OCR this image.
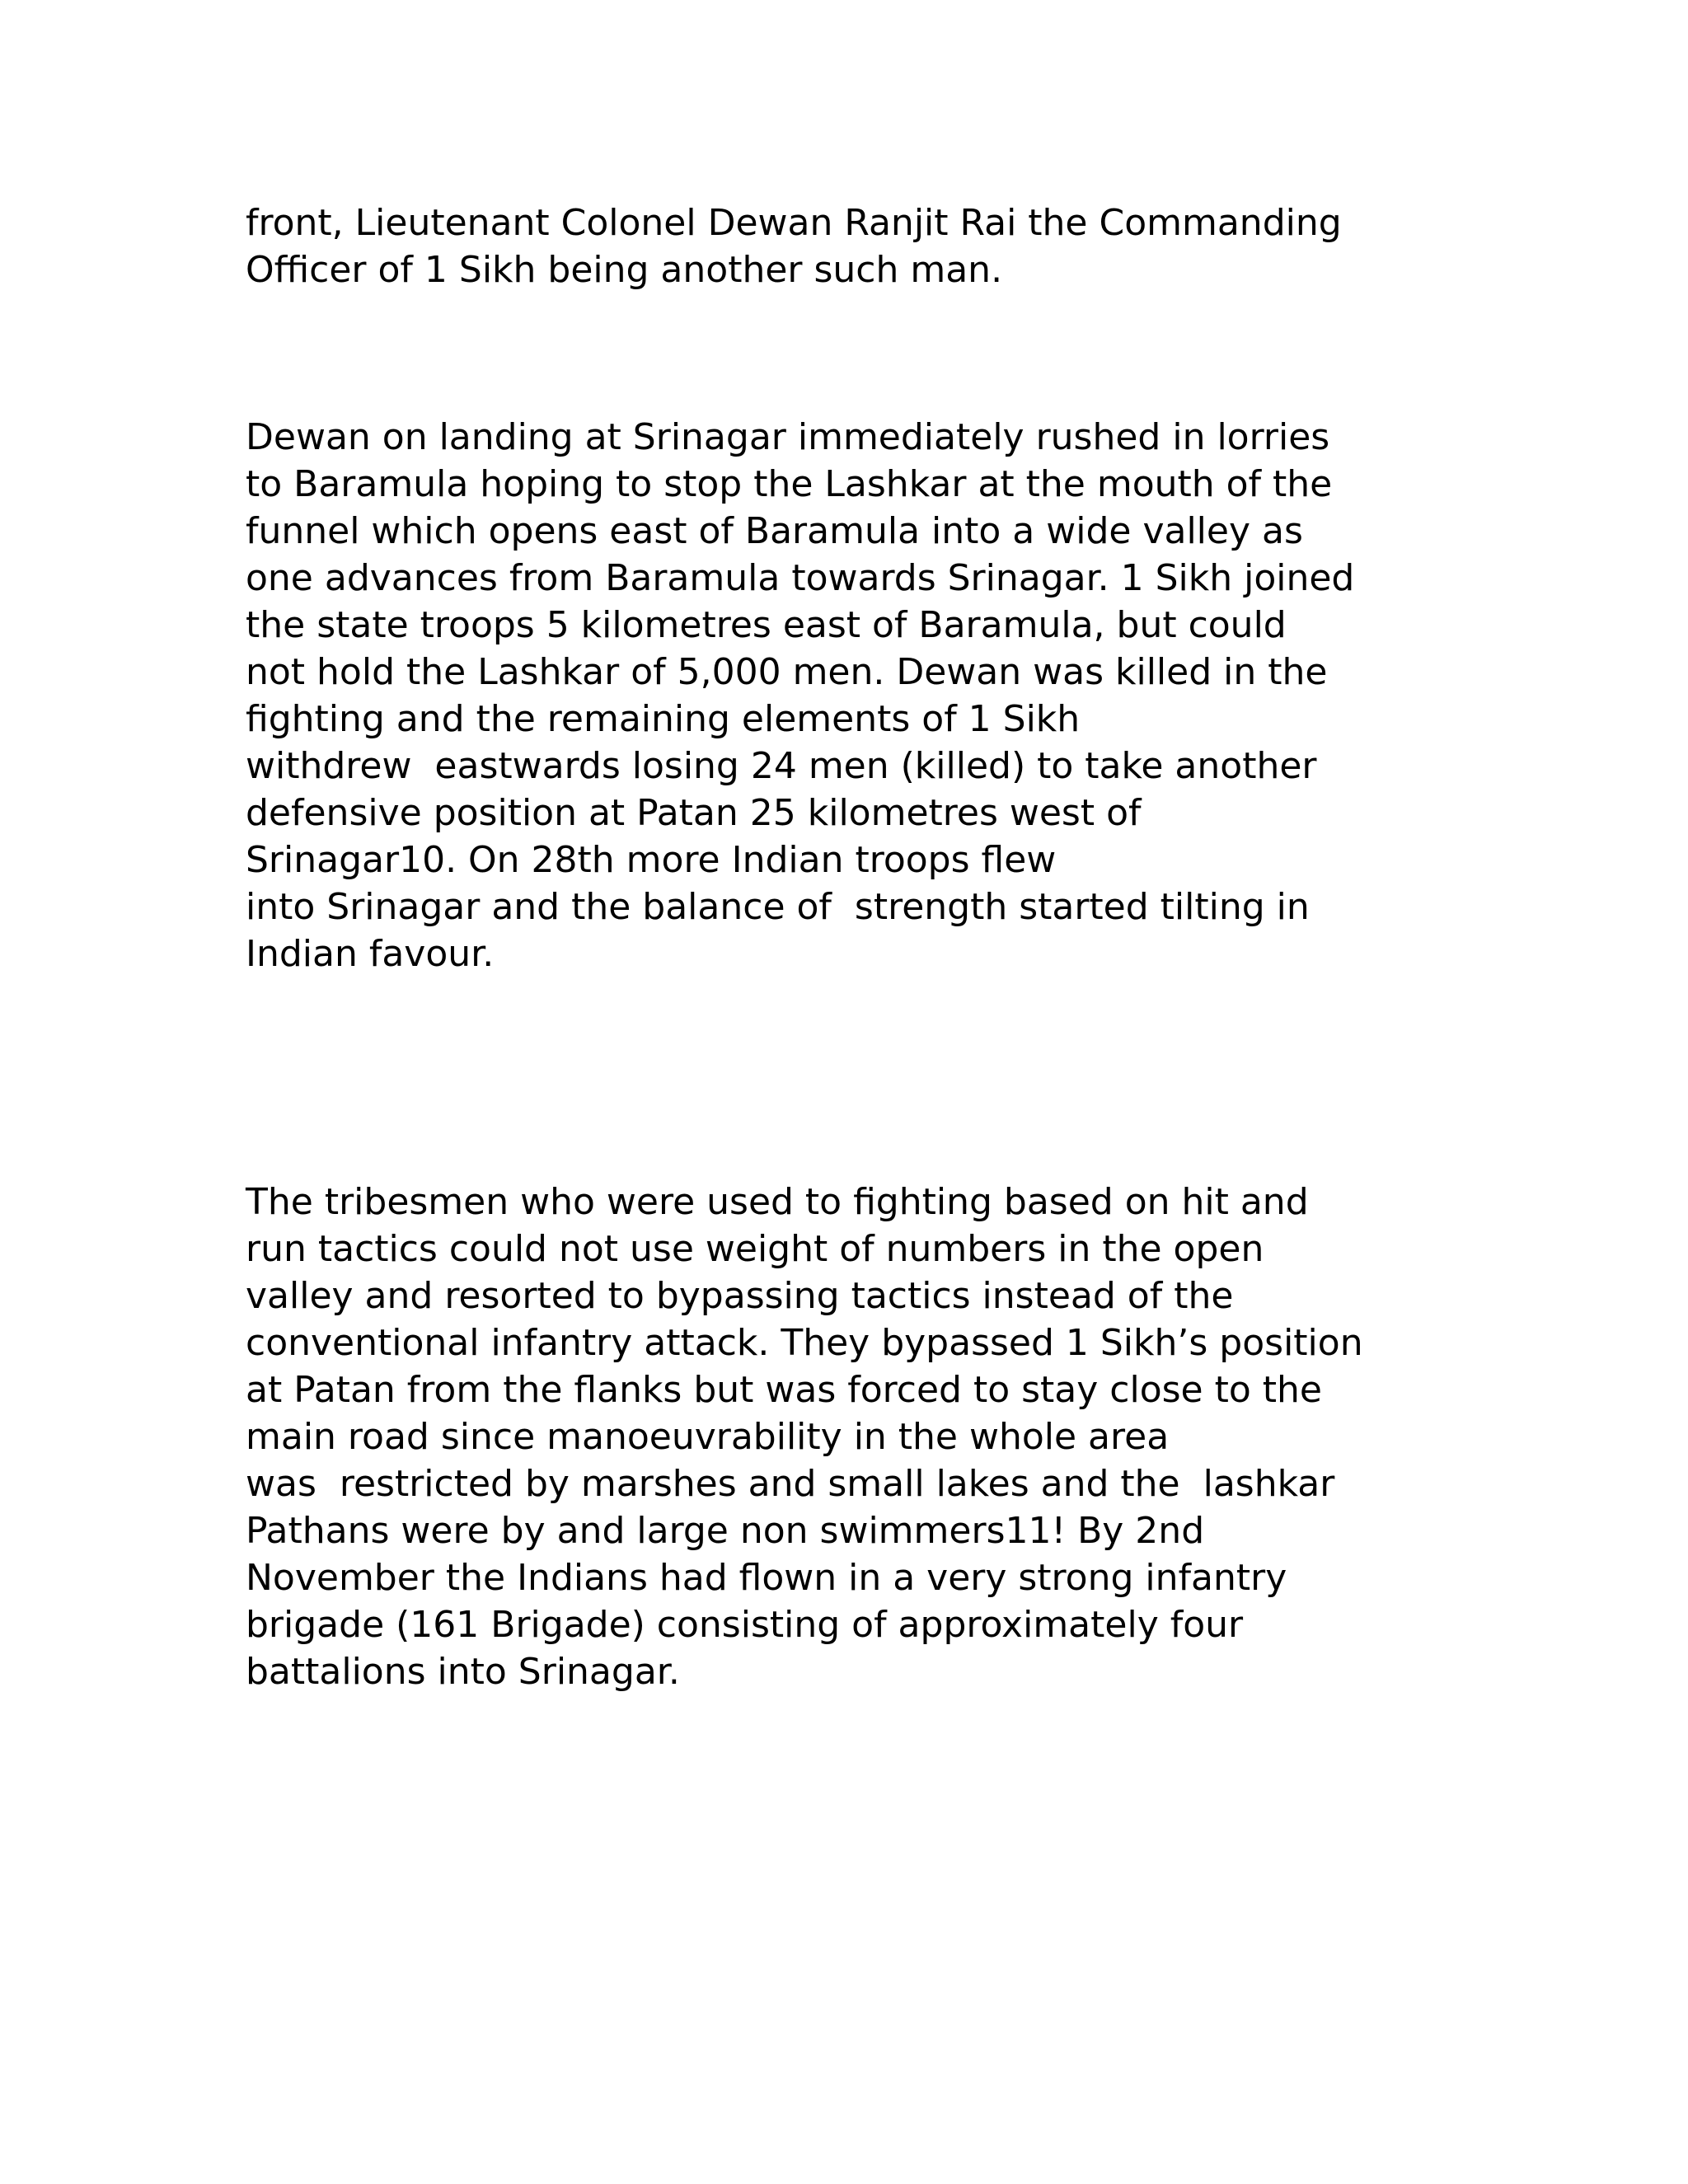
front, Lieutenant Colonel Dewan Ranjit Rai the Commanding
Officer of 1 Sikh being another such man.

Dewan on landing at Srinagar immediately rushed in lorries
to Baramula hoping to stop the Lashkar at the mouth of the
funnel which opens east of Baramula into a wide valley as
one advances from Baramula towards Srinagar. 1 Sikh joined
the state troops 5 kilometres east of Baramula, but could
not hold the Lashkar of 5,000 men. Dewan was killed in the
fighting and the remaining elements of 1 Sikh
withdrew  eastwards losing 24 men (killed) to take another
defensive position at Patan 25 kilometres west of
Srinagar10. On 28th more Indian troops flew
into Srinagar and the balance of  strength started tilting in
Indian favour.

The tribesmen who were used to fighting based on hit and
run tactics could not use weight of numbers in the open
valley and resorted to bypassing tactics instead of the
conventional infantry attack. They bypassed 1 Sikh’s position
at Patan from the flanks but was forced to stay close to the
main road since manoeuvrability in the whole area
was  restricted by marshes and small lakes and the  lashkar
Pathans were by and large non swimmers11! By 2nd
November the Indians had flown in a very strong infantry
brigade (161 Brigade) consisting of approximately four
battalions into Srinagar.
